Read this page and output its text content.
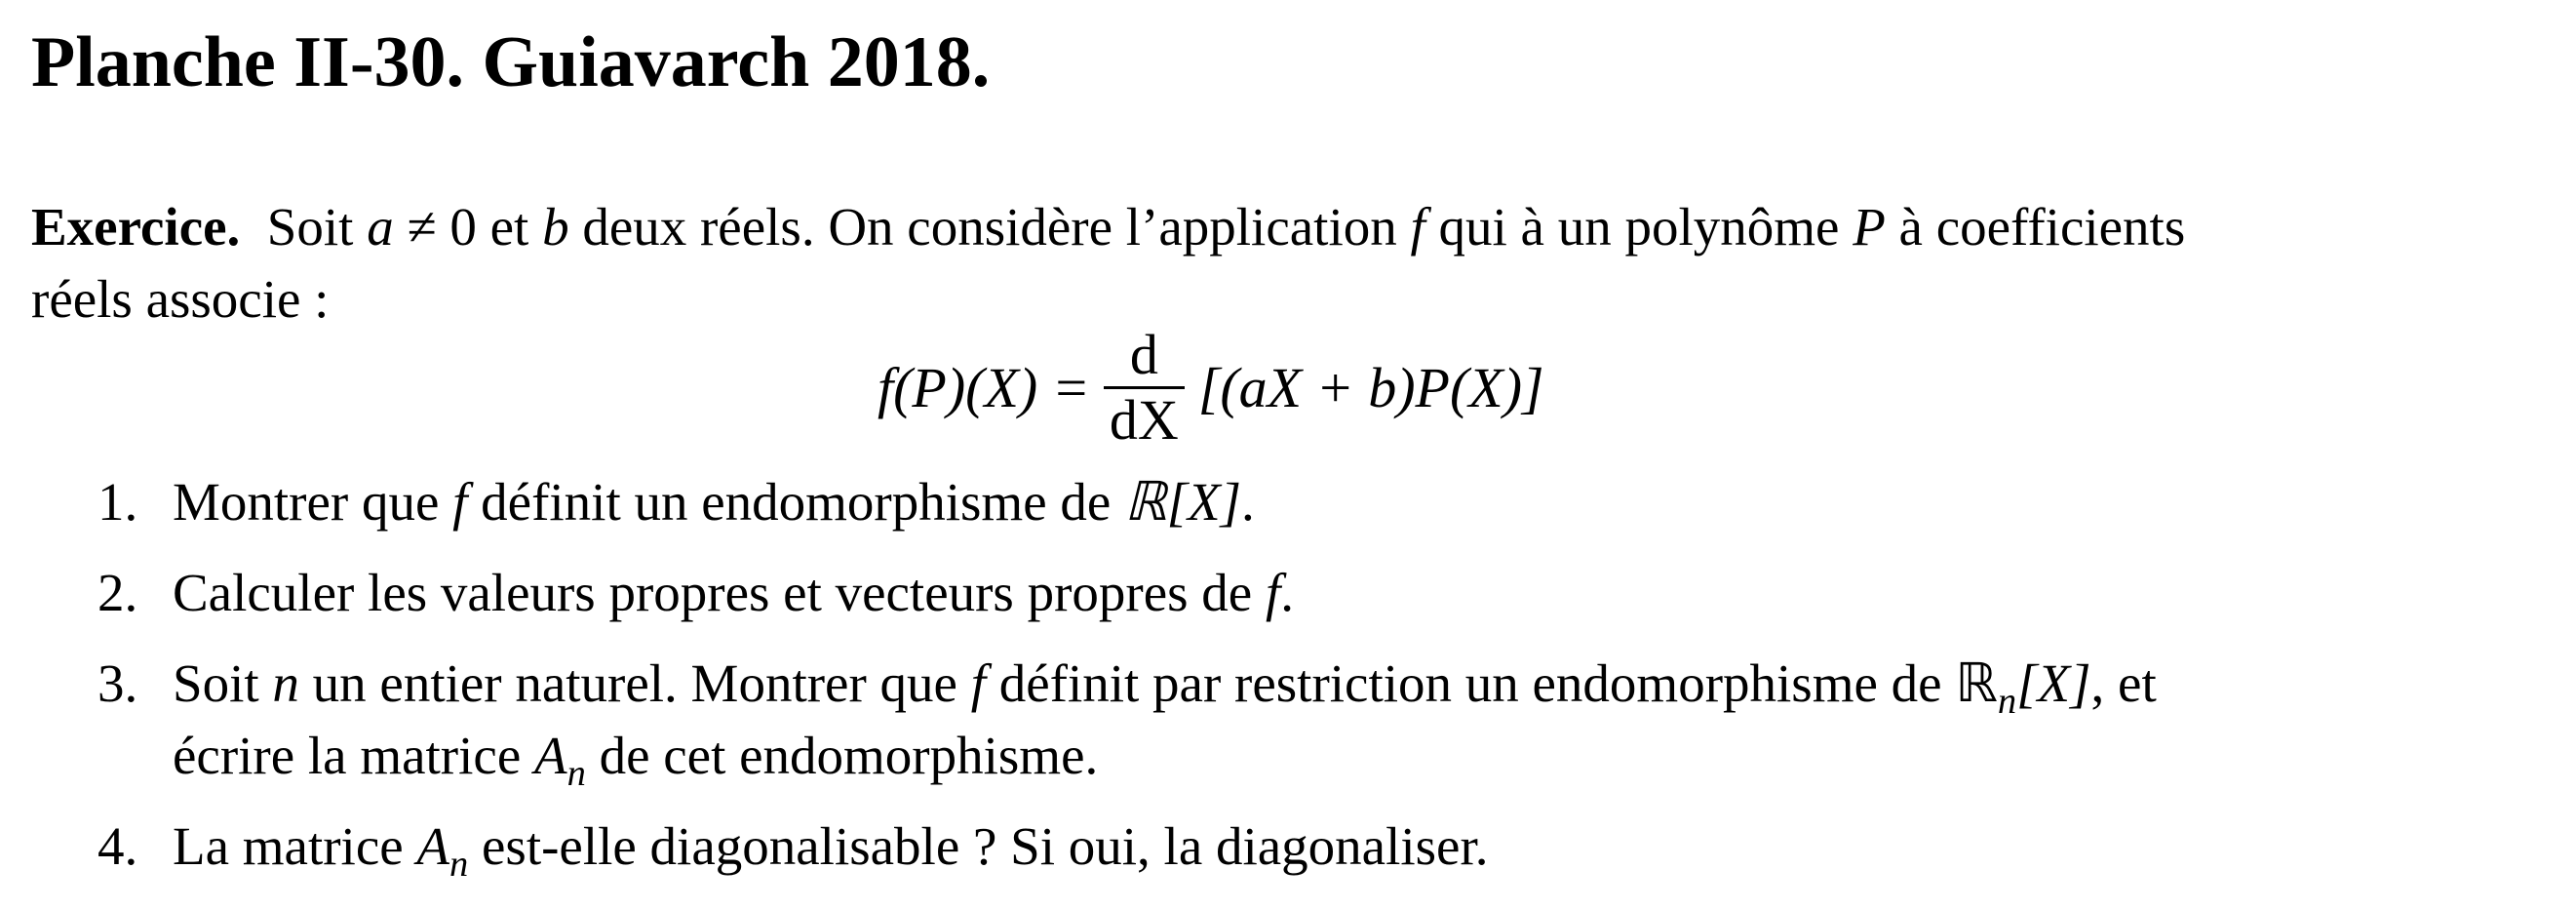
Planche II-30. Guiavarch 2018.
Exercice. Soit a ≠ 0 et b deux réels. On considère l’application f qui à un polynôme P à coefficients
réels associe :
$f(P)(X) = \frac{d}{dX} [(aX + b)P(X)]$
1. Montrer que f définit un endomorphisme de ℝ[X].
2. Calculer les valeurs propres et vecteurs propres de f.
3. Soit n un entier naturel. Montrer que f définit par restriction un endomorphisme de ℝ$_n$[X], et
écrire la matrice $A_n$ de cet endomorphisme.
4. La matrice $A_n$ est-elle diagonalisable ? Si oui, la diagonaliser.
